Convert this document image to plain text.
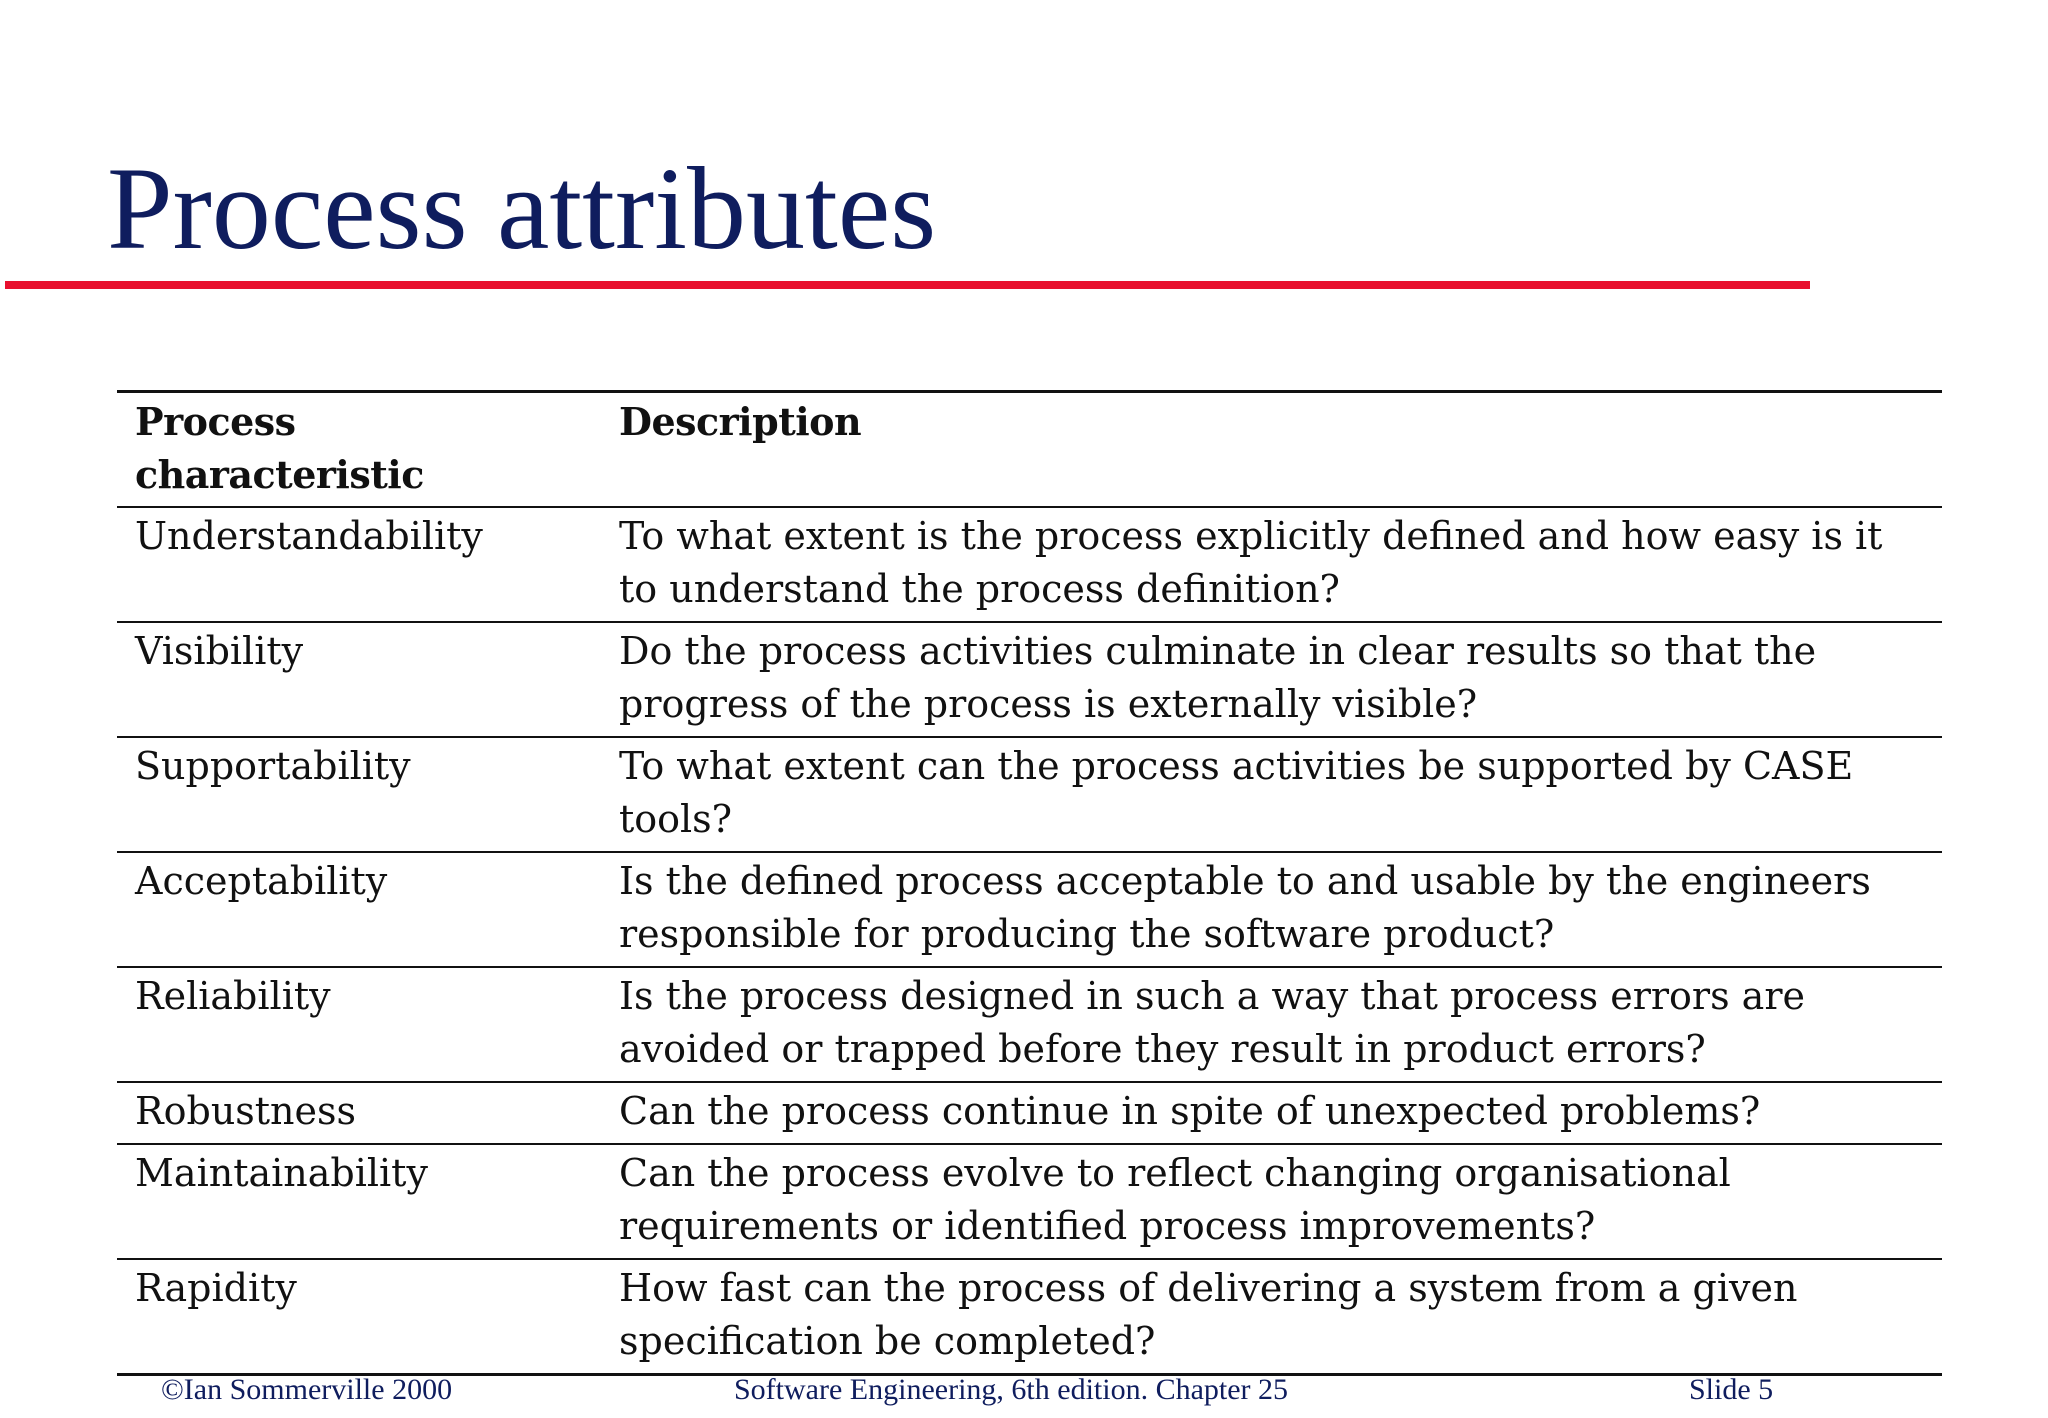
Process attributes
Process characteristic	Description
Understandability	To what extent is the process explicitly defined and how easy is it to understand the process definition?
Visibility	Do the process activities culminate in clear results so that the progress of the process is externally visible?
Supportability	To what extent can the process activities be supported by CASE tools?
Acceptability	Is the defined process acceptable to and usable by the engineers responsible for producing the software product?
Reliability	Is the process designed in such a way that process errors are avoided or trapped before they result in product errors?
Robustness	Can the process continue in spite of unexpected problems?
Maintainability	Can the process evolve to reflect changing organisational requirements or identified process improvements?
Rapidity	How fast can the process of delivering a system from a given specification be completed?
©Ian Sommerville 2000	Software Engineering, 6th edition. Chapter 25	Slide 5
